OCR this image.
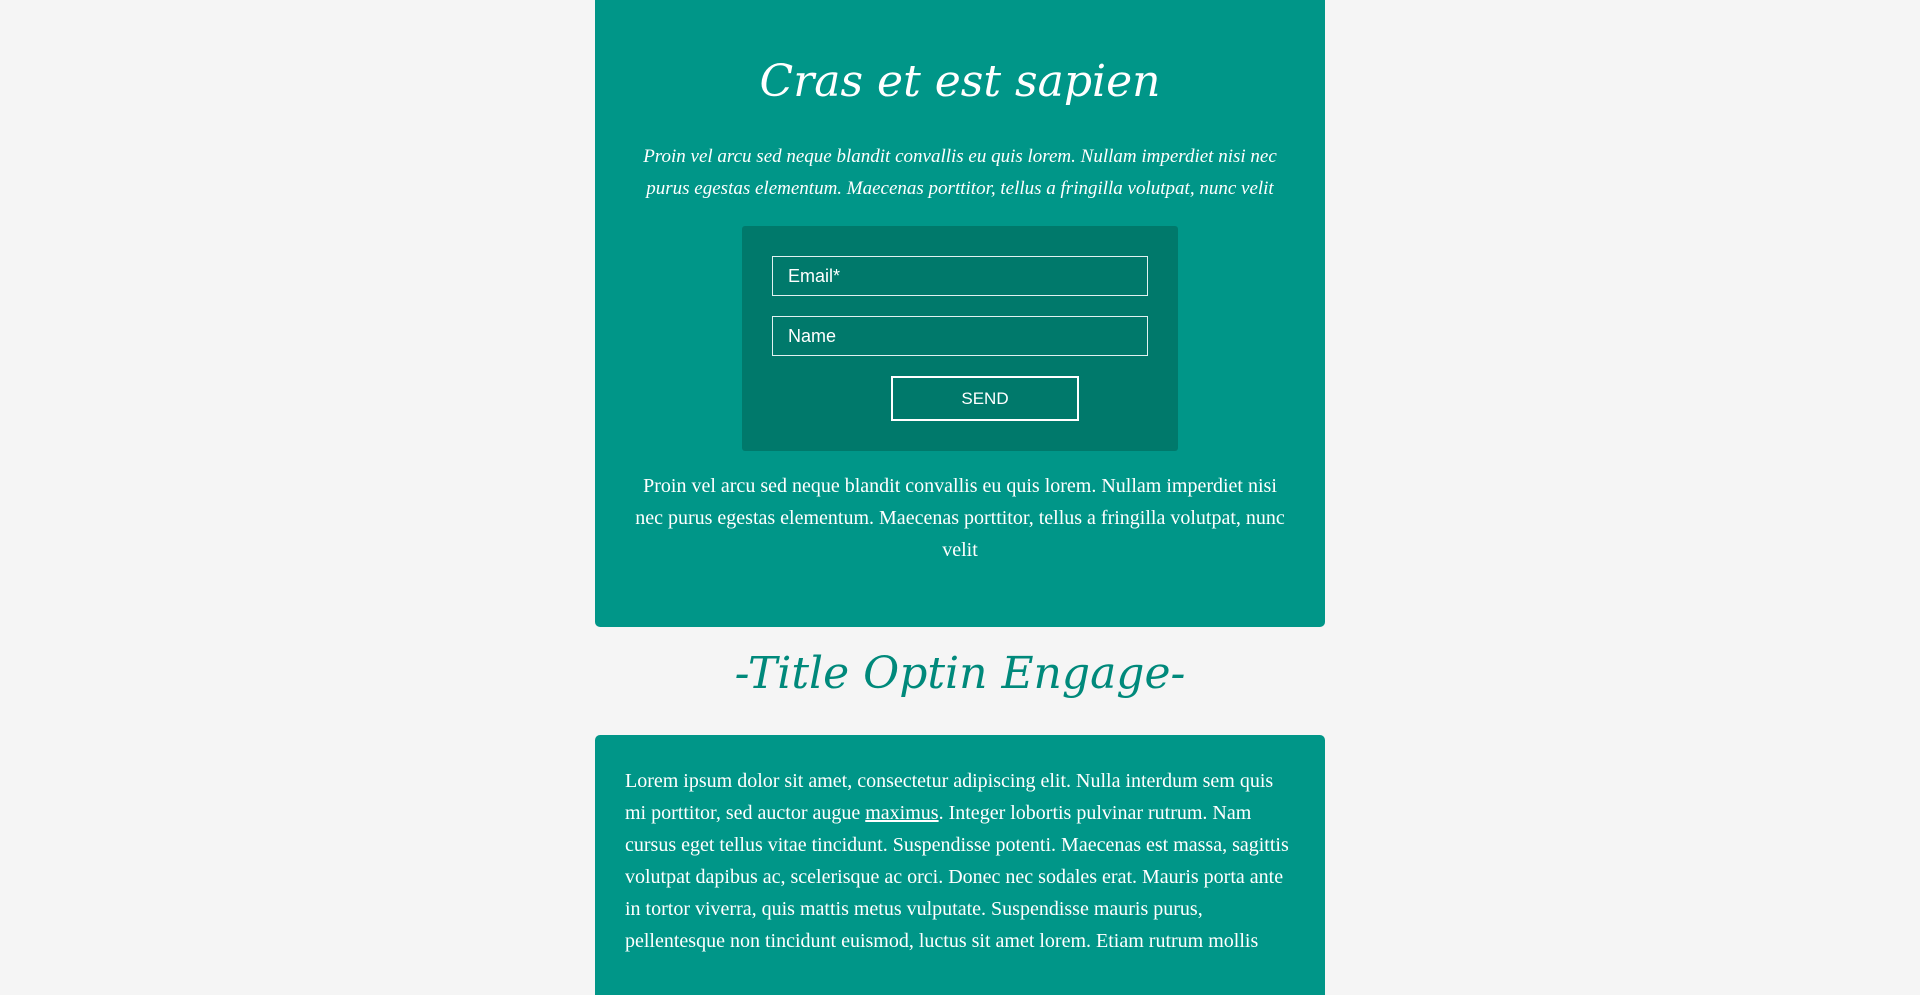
Cras et est sapien

Proin vel arcu sed neque blandit convallis eu quis lorem. Nullam imperdiet nisi nec purus egestas elementum. Maecenas porttitor, tellus a fringilla volutpat, nunc velit

Email*
Name
SEND

Proin vel arcu sed neque blandit convallis eu quis lorem. Nullam imperdiet nisi nec purus egestas elementum. Maecenas porttitor, tellus a fringilla volutpat, nunc velit

-Title Optin Engage-

Lorem ipsum dolor sit amet, consectetur adipiscing elit. Nulla interdum sem quis mi porttitor, sed auctor augue maximus. Integer lobortis pulvinar rutrum. Nam cursus eget tellus vitae tincidunt. Suspendisse potenti. Maecenas est massa, sagittis volutpat dapibus ac, scelerisque ac orci. Donec nec sodales erat. Mauris porta ante in tortor viverra, quis mattis metus vulputate. Suspendisse mauris purus, pellentesque non tincidunt euismod, luctus sit amet lorem. Etiam rutrum mollis
